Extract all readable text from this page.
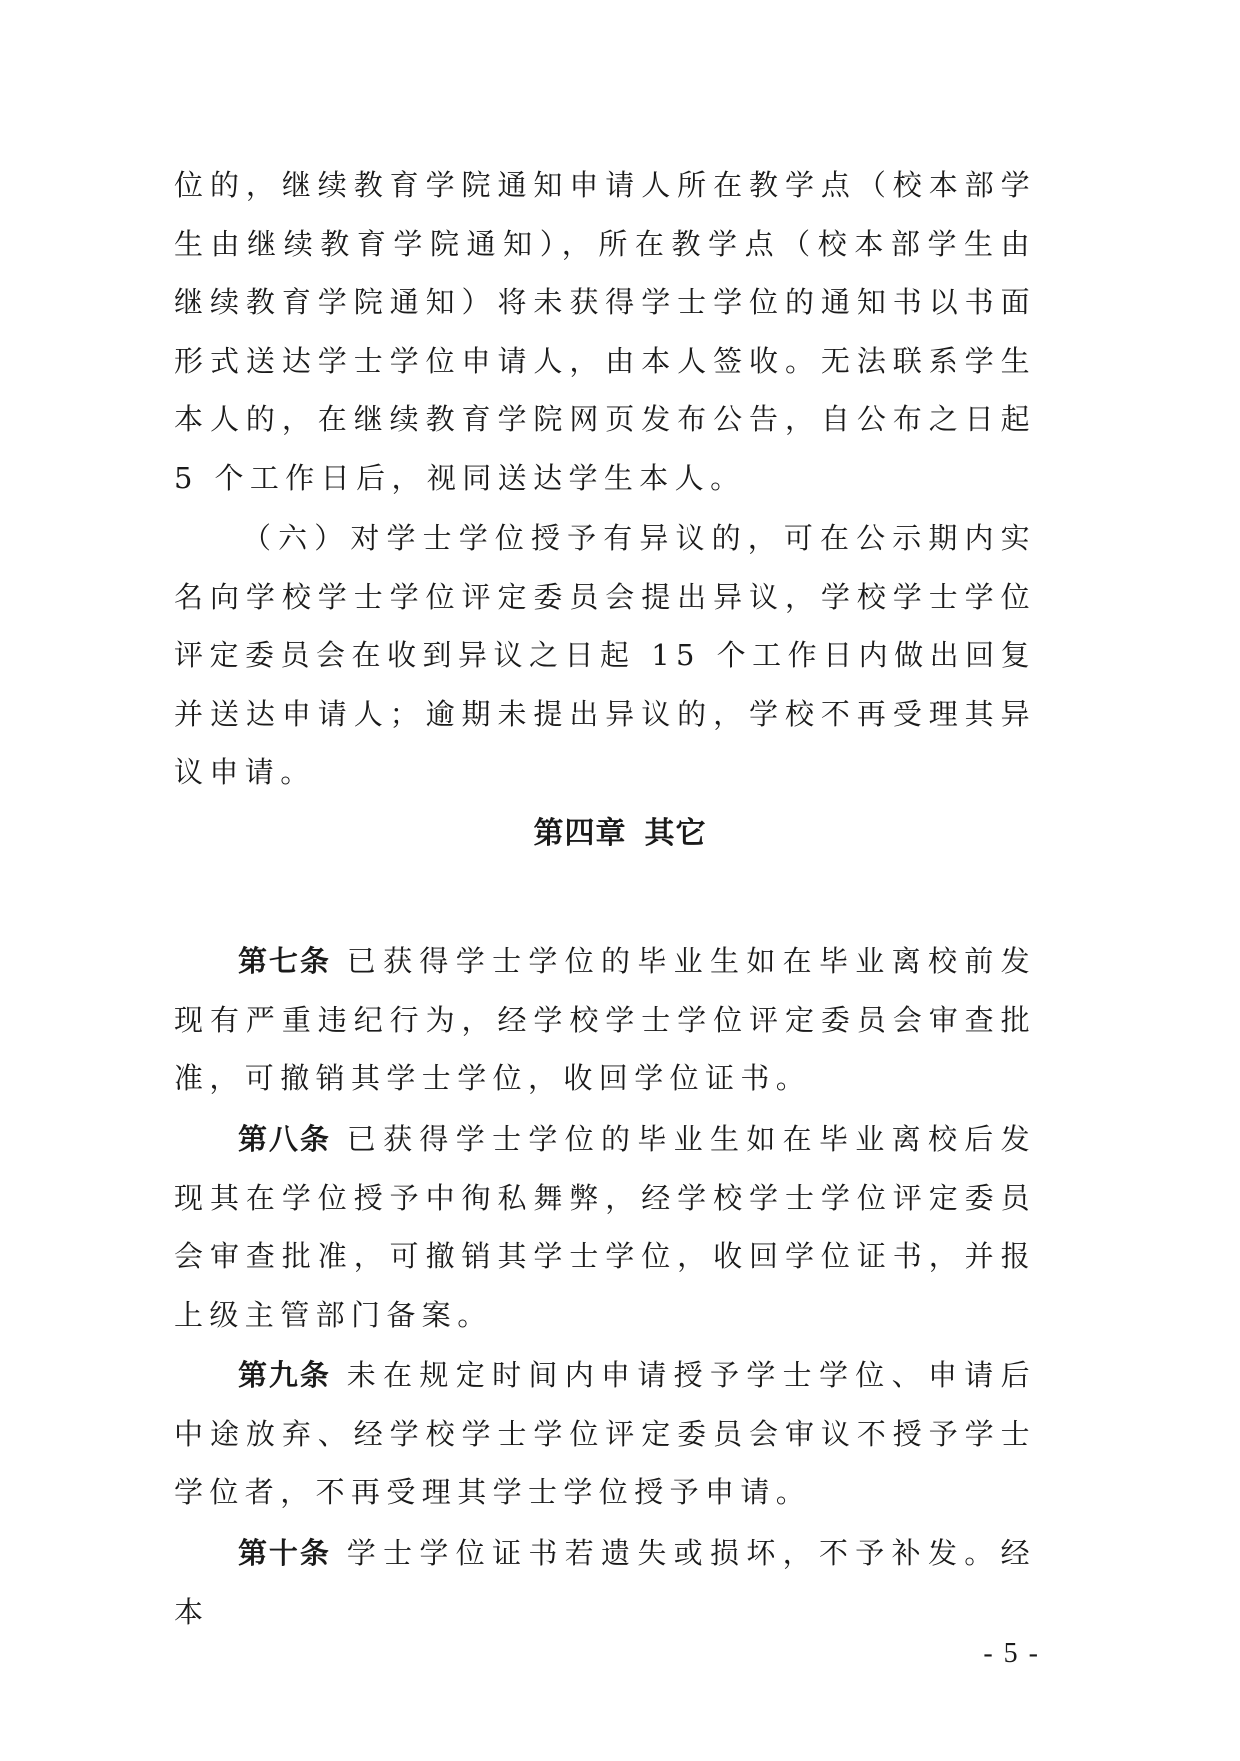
位的，继续教育学院通知申请人所在教学点（校本部学生由继续教育学院通知），所在教学点（校本部学生由继续教育学院通知）将未获得学士学位的通知书以书面形式送达学士学位申请人，由本人签收。无法联系学生本人的，在继续教育学院网页发布公告，自公布之日起 5 个工作日后，视同送达学生本人。

（六）对学士学位授予有异议的，可在公示期内实名向学校学士学位评定委员会提出异议，学校学士学位评定委员会在收到异议之日起 15 个工作日内做出回复并送达申请人；逾期未提出异议的，学校不再受理其异议申请。

第四章 其它

第七条 已获得学士学位的毕业生如在毕业离校前发现有严重违纪行为，经学校学士学位评定委员会审查批准，可撤销其学士学位，收回学位证书。

第八条 已获得学士学位的毕业生如在毕业离校后发现其在学位授予中徇私舞弊，经学校学士学位评定委员会审查批准，可撤销其学士学位，收回学位证书，并报上级主管部门备案。

第九条 未在规定时间内申请授予学士学位、申请后中途放弃、经学校学士学位评定委员会审议不授予学士学位者，不再受理其学士学位授予申请。

第十条 学士学位证书若遗失或损坏，不予补发。经本

- 5 -
